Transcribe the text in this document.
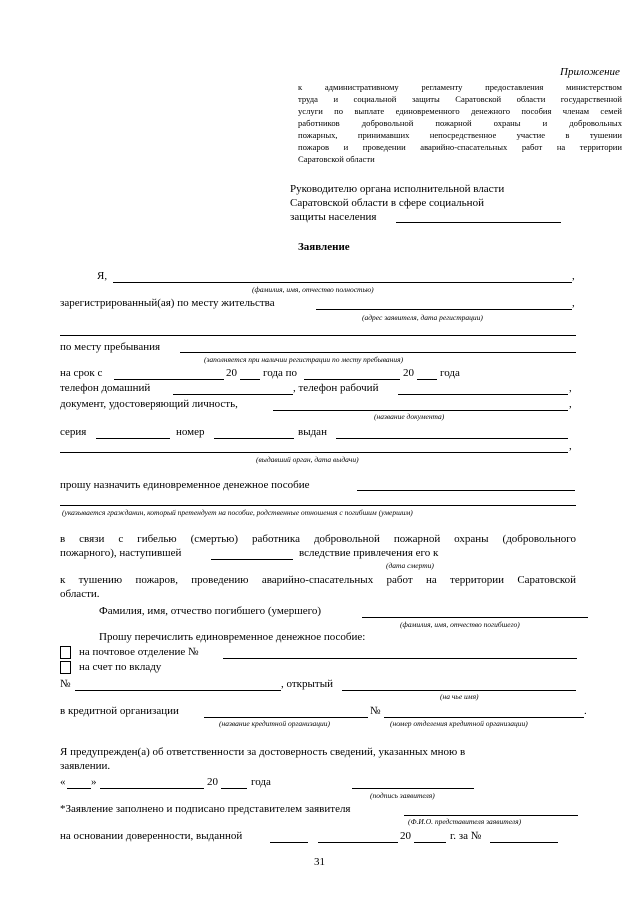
Приложение
к административному регламенту предоставления министерством
труда и социальной защиты Саратовской области государственной
услуги по выплате единовременного денежного пособия членам семей
работников добровольной пожарной охраны и добровольных
пожарных, принимавших непосредственное участие в тушении
пожаров и проведении аварийно-спасательных работ на территории
Саратовской области
Руководителю органа исполнительной власти
Саратовской области в сфере социальной
защиты населения
Заявление
Я,	,
(фамилия, имя, отчество полностью)
зарегистрированный(ая) по месту жительства	,
(адрес заявителя, дата регистрации)
по месту пребывания
(заполняется при наличии регистрации по месту пребывания)
на срок с	20 года по	20 года
телефон домашний	, телефон рабочий	,
документ, удостоверяющий личность,	,
(название документа)
серия	номер	выдан
,
(выдавший орган, дата выдачи)
прошу назначить единовременное денежное пособие
(указывается гражданин, который претендует на пособие, родственные отношения с погибшим (умершим)
в связи с гибелью (смертью) работника добровольной пожарной охраны (добровольного
пожарного), наступившей	вследствие привлечения его к
(дата смерти)
к тушению пожаров, проведению аварийно-спасательных работ на территории Саратовской
области.
Фамилия, имя, отчество погибшего (умершего)
(фамилия, имя, отчество погибшего)
Прошу перечислить единовременное денежное пособие:
на почтовое отделение №
на счет по вкладу
№	, открытый
(на чье имя)
в кредитной организации	№	.
(название кредитной организации)	(номер отделения кредитной организации)
Я предупрежден(а) об ответственности за достоверность сведений, указанных мною в
заявлении.
« »	20	года
(подпись заявителя)
*Заявление заполнено и подписано представителем заявителя
(Ф.И.О. представителя заявителя)
на основании доверенности, выданной	20	г. за №
31
